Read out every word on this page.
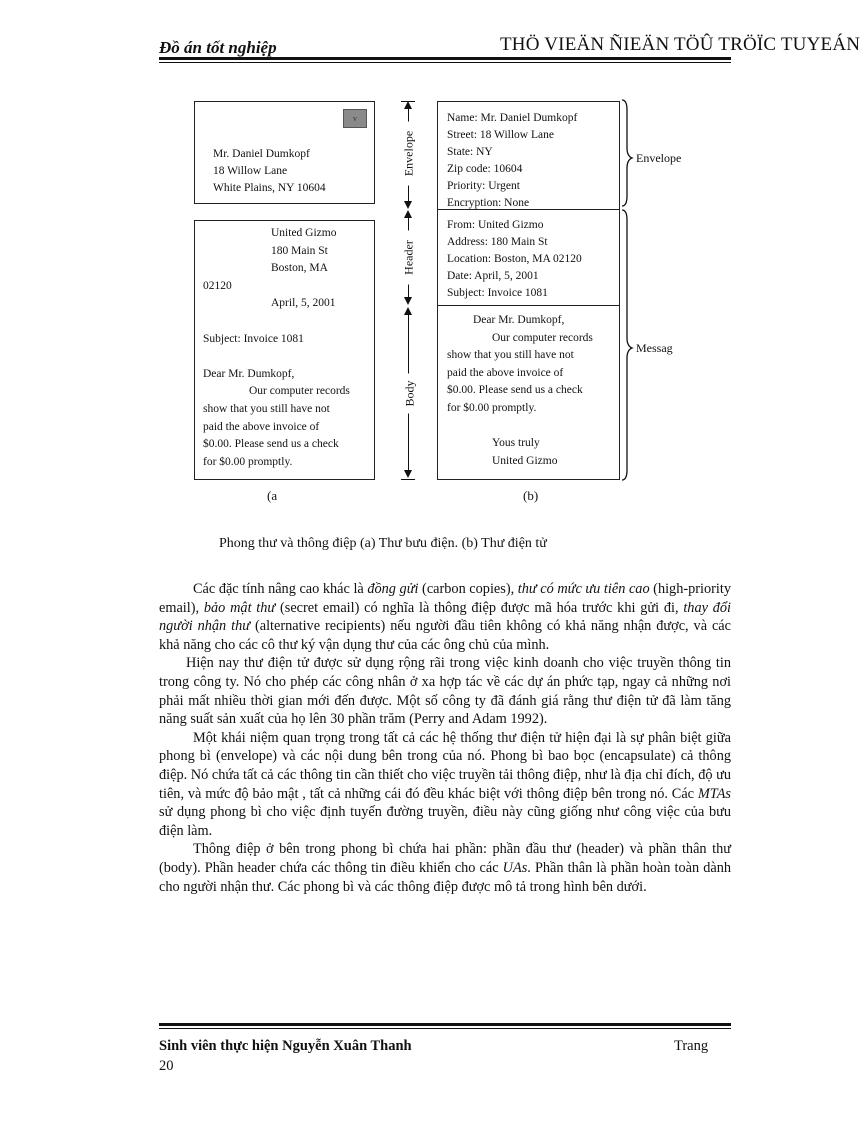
Đồ án tốt nghiệp	THÖ VIEÄN ÑIEÄN TÖÛ TRÖÏC TUYEÁN
v
Mr. Daniel Dumkopf
18 Willow Lane
White Plains, NY 10604
United Gizmo
180 Main St
Boston, MA
02120
April, 5, 2001
Subject: Invoice 1081
Dear Mr. Dumkopf,
Our computer records
show that you still have not
paid the above invoice of
$0.00. Please send us a check
for $0.00 promptly.
(a
Envelope
Header
Body
Name: Mr. Daniel Dumkopf
Street: 18 Willow Lane
State: NY
Zip code: 10604
Priority: Urgent
Encryption: None
From: United Gizmo
Address: 180 Main St
Location: Boston, MA 02120
Date: April, 5, 2001
Subject: Invoice 1081
Dear Mr. Dumkopf,
Our computer records
show that you still have not
paid the above invoice of
$0.00. Please send us a check
for $0.00 promptly.
Yous truly
United Gizmo
(b)
Envelope
Messag
Phong thư và thông điệp (a) Thư bưu điện. (b) Thư điện tử

Các đặc tính nâng cao khác là đồng gửi (carbon copies), thư có mức ưu tiên cao (high-priority email), bảo mật thư (secret email) có nghĩa là thông điệp được mã hóa trước khi gửi đi, thay đổi người nhận thư (alternative recipients) nếu người đầu tiên không có khả năng nhận được, và các khả năng cho các cô thư ký vận dụng thư của các ông chủ của mình.

Hiện nay thư điện tử được sử dụng rộng rãi trong việc kinh doanh cho việc truyền thông tin trong công ty. Nó cho phép các công nhân ở xa hợp tác về các dự án phức tạp, ngay cả những nơi phải mất nhiều thời gian mới đến được. Một số công ty đã đánh giá rằng thư điện tử đã làm tăng năng suất sản xuất của họ lên 30 phần trăm (Perry and Adam 1992).

Một khái niệm quan trọng trong tất cả các hệ thống thư điện tử hiện đại là sự phân biệt giữa phong bì (envelope) và các nội dung bên trong của nó. Phong bì bao bọc (encapsulate) cả thông điệp. Nó chứa tất cả các thông tin cần thiết cho việc truyền tải thông điệp, như là địa chỉ đích, độ ưu tiên, và mức độ bảo mật , tất cả những cái đó đều khác biệt với thông điệp bên trong nó. Các MTAs sử dụng phong bì cho việc định tuyến đường truyền, điều này cũng giống như công việc của bưu điện làm.

Thông điệp ở bên trong phong bì chứa hai phần: phần đầu thư (header) và phần thân thư (body). Phần header chứa các thông tin điều khiển cho các UAs. Phần thân là phần hoàn toàn dành cho người nhận thư. Các phong bì và các thông điệp được mô tả trong hình bên dưới.

Sinh viên thực hiện Nguyễn Xuân Thanh	Trang
20
